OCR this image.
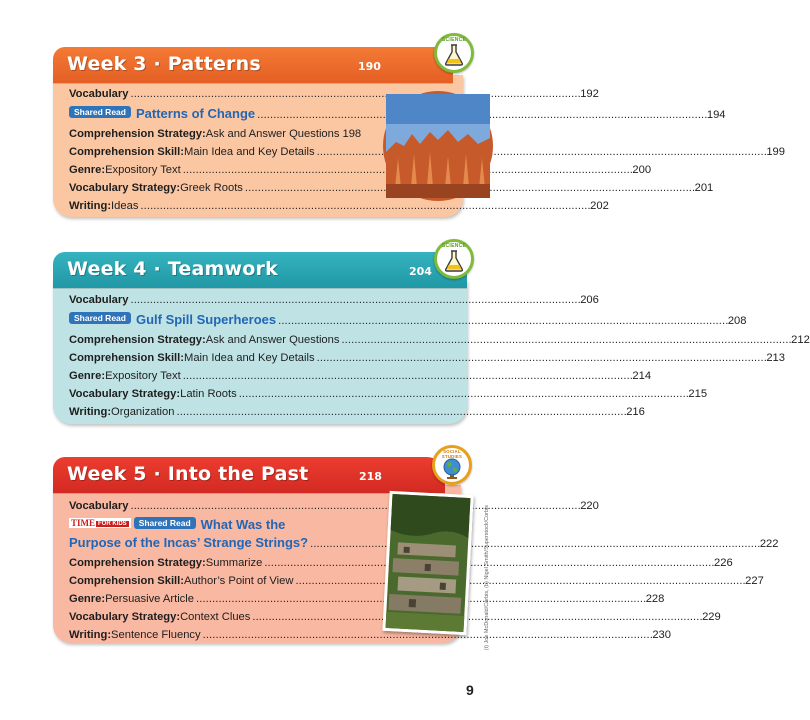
Week 3 · Patterns	190
Vocabulary . . .	192
Shared Read Patterns of Change . . .	194
Comprehension Strategy: Ask and Answer Questions . . . 198
Comprehension Skill: Main Idea and Key Details . . .	199
Genre: Expository Text . . .	200
Vocabulary Strategy: Greek Roots . . .	201
Writing: Ideas . . .	202
SCIENCE
Week 4 · Teamwork	204
Vocabulary . . .	206
Shared Read Gulf Spill Superheroes . . .	208
Comprehension Strategy: Ask and Answer Questions . . .	212
Comprehension Skill: Main Idea and Key Details . . .	213
Genre: Expository Text . . .	214
Vocabulary Strategy: Latin Roots . . .	215
Writing: Organization . . .	216
SCIENCE
Week 5 · Into the Past	218
Vocabulary . . .	220
TIME FOR KIDS	Shared Read What Was the
Purpose of the Incas’ Strange Strings? . . .	222
Comprehension Strategy: Summarize . . .	226
Comprehension Skill: Author’s Point of View . . .	227
Genre: Persuasive Article . . .	228
Vocabulary Strategy: Context Clues . . .	229
Writing: Sentence Fluency . . .	230
SOCIAL STUDIES
(t) Joe McDonald/Corbis, (b) Nigel Smith/Superstock/Corbis
9
